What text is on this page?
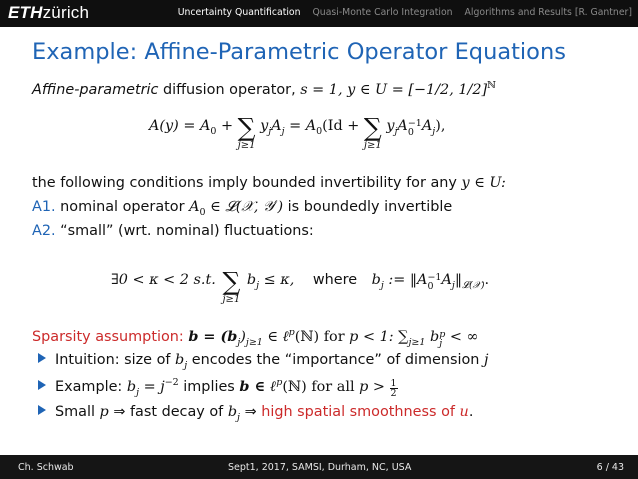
ETHzürich	Uncertainty Quantification Quasi-Monte Carlo Integration Algorithms and Results [R. Gantner]
Example: Affine-Parametric Operator Equations
Affine-parametric diffusion operator, s = 1, y ∈ U = [−1/2, 1/2]$^ℕ$
$A(y) = A_0$ + ∑
j≥1
$y_jA_j = A_0(Id$ + ∑
j≥1
$y_jA -1$
0 $A_j$),
the following conditions imply bounded invertibility for any y ∈ U:
A1. nominal operator $A_0$ ∈ 𝓛(𝒳, 𝒴′) is boundedly invertible
A2. “small” (wrt. nominal) fluctuations:
∃0 < κ < 2 s.t. ∑
j≥1
$b_j \le \kappa$, where $b_j$ := ‖A −1
0 $A_j‖_{𝓛(𝒳)}$.
Sparsity assumption: $b = (b_j)_{j\ge 1}$ ∈ ℓ$^p$(ℕ) for p < 1: $\sum_{j\ge 1}$ b p
j < ∞
Intuition: size of $b_j$ encodes the “importance” of dimension j
Example: $b_j = j^{-2}$ implies b ∈ ℓ$^p$(ℕ) for all $p > \frac{1}{2}$
Small p ⇒ fast decay of $b_j$ ⇒ high spatial smoothness of u.
Ch. Schwab	Sept1, 2017, SAMSI, Durham, NC, USA	6 / 43
